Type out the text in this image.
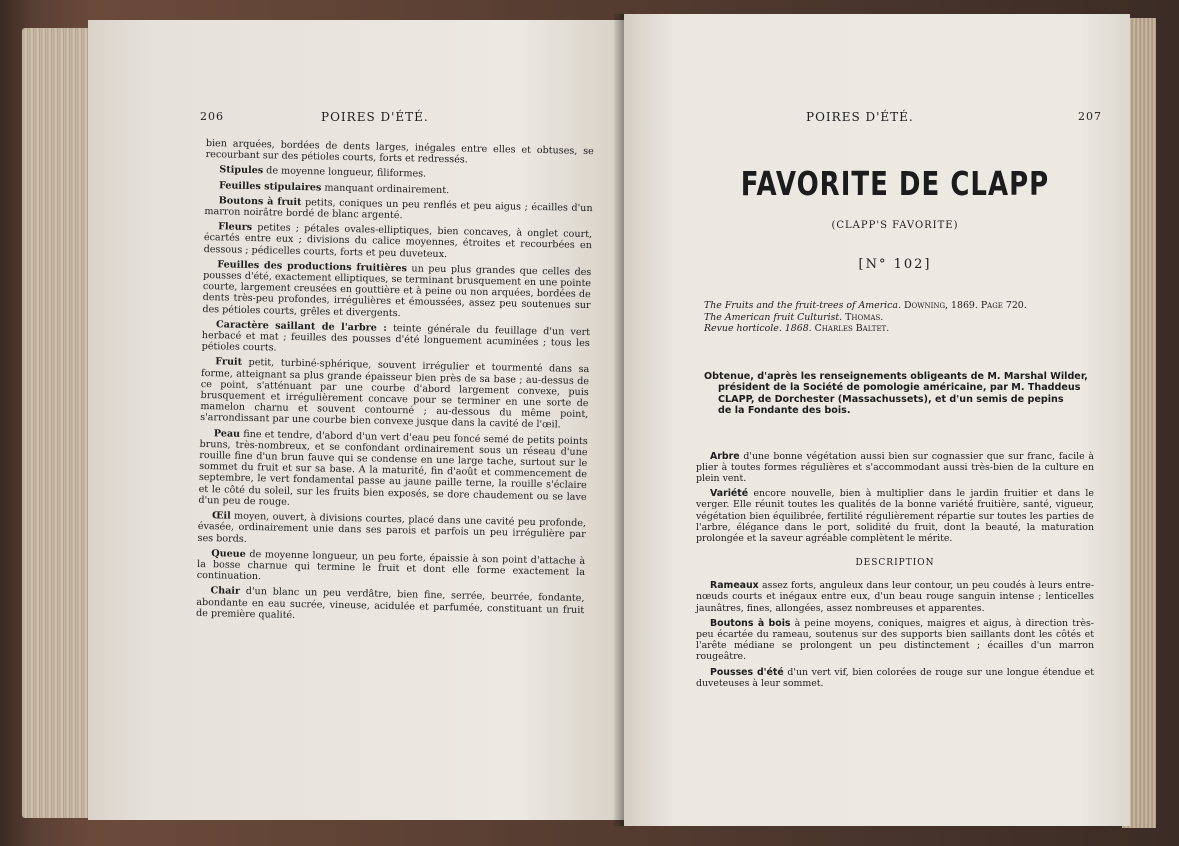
206	POIRES D'ÉTÉ.

bien arquées, bordées de dents larges, inégales entre elles et obtuses, se recourbant sur des pétioles courts, forts et redressés.

Stipules de moyenne longueur, filiformes.

Feuilles stipulaires manquant ordinairement.

Boutons à fruit petits, coniques un peu renflés et peu aigus ; écailles d'un marron noirâtre bordé de blanc argenté.

Fleurs petites ; pétales ovales-elliptiques, bien concaves, à onglet court, écartés entre eux ; divisions du calice moyennes, étroites et recourbées en dessous ; pédicelles courts, forts et peu duveteux.

Feuilles des productions fruitières un peu plus grandes que celles des pousses d'été, exactement elliptiques, se terminant brusquement en une pointe courte, largement creusées en gouttière et à peine ou non arquées, bordées de dents très-peu profondes, irrégulières et émoussées, assez peu soutenues sur des pétioles courts, grêles et divergents.

Caractère saillant de l'arbre : teinte générale du feuillage d'un vert herbacé et mat ; feuilles des pousses d'été longuement acuminées ; tous les pétioles courts.

Fruit petit, turbiné-sphérique, souvent irrégulier et tourmenté dans sa forme, atteignant sa plus grande épaisseur bien près de sa base ; au-dessus de ce point, s'atténuant par une courbe d'abord largement convexe, puis brusquement et irrégulièrement concave pour se terminer en une sorte de mamelon charnu et souvent contourné ; au-dessous du même point, s'arrondissant par une courbe bien convexe jusque dans la cavité de l'œil.

Peau fine et tendre, d'abord d'un vert d'eau peu foncé semé de petits points bruns, très-nombreux, et se confondant ordinairement sous un réseau d'une rouille fine d'un brun fauve qui se condense en une large tache, surtout sur le sommet du fruit et sur sa base. A la maturité, fin d'août et commencement de septembre, le vert fondamental passe au jaune paille terne, la rouille s'éclaire et le côté du soleil, sur les fruits bien exposés, se dore chaudement ou se lave d'un peu de rouge.

Œil moyen, ouvert, à divisions courtes, placé dans une cavité peu profonde, évasée, ordinairement unie dans ses parois et parfois un peu irrégulière par ses bords.

Queue de moyenne longueur, un peu forte, épaissie à son point d'attache à la bosse charnue qui termine le fruit et dont elle forme exactement la continuation.

Chair d'un blanc un peu verdâtre, bien fine, serrée, beurrée, fondante, abondante en eau sucrée, vineuse, acidulée et parfumée, constituant un fruit de première qualité.

POIRES D'ÉTÉ.	207
FAVORITE DE CLAPP
(CLAPP'S FAVORITE)
[N° 102]
The Fruits and the fruit-trees of America. Downing, 1869. Page 720.
The American fruit Culturist. Thomas.
Revue horticole. 1868. Charles Baltet.
Obtenue, d'après les renseignements obligeants de M. Marshal Wilder,
président de la Société de pomologie américaine, par M. Thaddeus
CLAPP, de Dorchester (Massachussets), et d'un semis de pepins
de la Fondante des bois.

Arbre d'une bonne végétation aussi bien sur cognassier que sur franc, facile à plier à toutes formes régulières et s'accommodant aussi très-bien de la culture en plein vent.

Variété encore nouvelle, bien à multiplier dans le jardin fruitier et dans le verger. Elle réunit toutes les qualités de la bonne variété fruitière, santé, vigueur, végétation bien équilibrée, fertilité régulièrement répartie sur toutes les parties de l'arbre, élégance dans le port, solidité du fruit, dont la beauté, la maturation prolongée et la saveur agréable complètent le mérite.

DESCRIPTION

Rameaux assez forts, anguleux dans leur contour, un peu coudés à leurs entre-nœuds courts et inégaux entre eux, d'un beau rouge sanguin intense ; lenticelles jaunâtres, fines, allongées, assez nombreuses et apparentes.

Boutons à bois à peine moyens, coniques, maigres et aigus, à direction très-peu écartée du rameau, soutenus sur des supports bien saillants dont les côtés et l'arête médiane se prolongent un peu distinctement ; écailles d'un marron rougeâtre.

Pousses d'été d'un vert vif, bien colorées de rouge sur une longue étendue et duveteuses à leur sommet.
